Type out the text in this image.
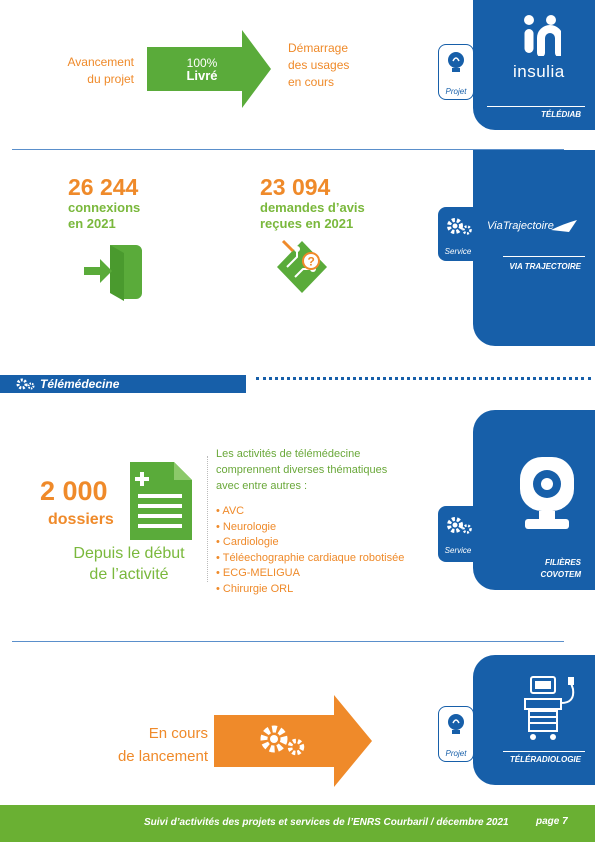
insulia
TÉLÉDIAB
Projet
Avancement
du projet
100%
Livré
Démarrage
des usages
en cours
ViaTrajectoire
VIA TRAJECTOIRE
Service
26 244
connexions
en 2021
23 094
demandes d’avis
reçues en 2021
?
Télémédecine
FILIÈRES
COVOTEM
Service
2 000
dossiers
Depuis le début
de l’activité
Les activités de télémédecine
comprennent diverses thématiques
avec entre autres :
• AVC
• Neurologie
• Cardiologie
• Téléechographie cardiaque robotisée
• ECG-MELIGUA
• Chirurgie ORL
TÉLÉRADIOLOGIE
Projet
En cours
de lancement
Suivi d’activités des projets et services de l’ENRS Courbaril / décembre 2021	page 7
